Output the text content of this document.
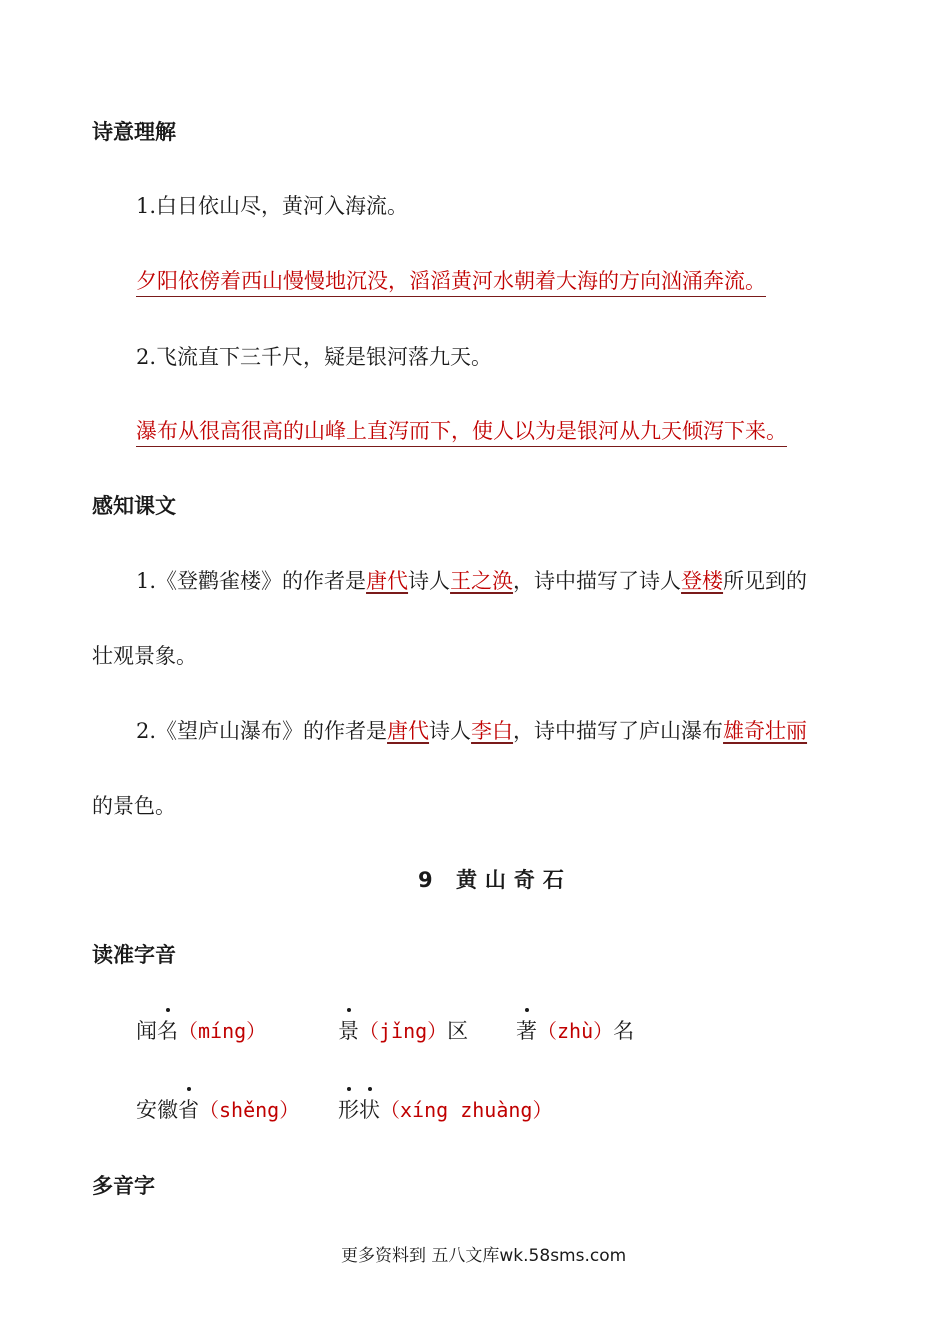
诗意理解
1.白日依山尽，黄河入海流。
夕阳依傍着西山慢慢地沉没，滔滔黄河水朝着大海的方向汹涌奔流。
2.飞流直下三千尺，疑是银河落九天。
瀑布从很高很高的山峰上直泻而下，使人以为是银河从九天倾泻下来。
感知课文
1.《登鹳雀楼》的作者是唐代诗人王之涣，诗中描写了诗人登楼所见到的
壮观景象。
2.《望庐山瀑布》的作者是唐代诗人李白，诗中描写了庐山瀑布雄奇壮丽
的景色。
9 黄山奇石
读准字音
闻名（míng）	景（jǐng）区 著（zhù）名
安徽省（shěng） 形状（xíng zhuàng）
多音字
更多资料到 五八文库wk.58sms.com
